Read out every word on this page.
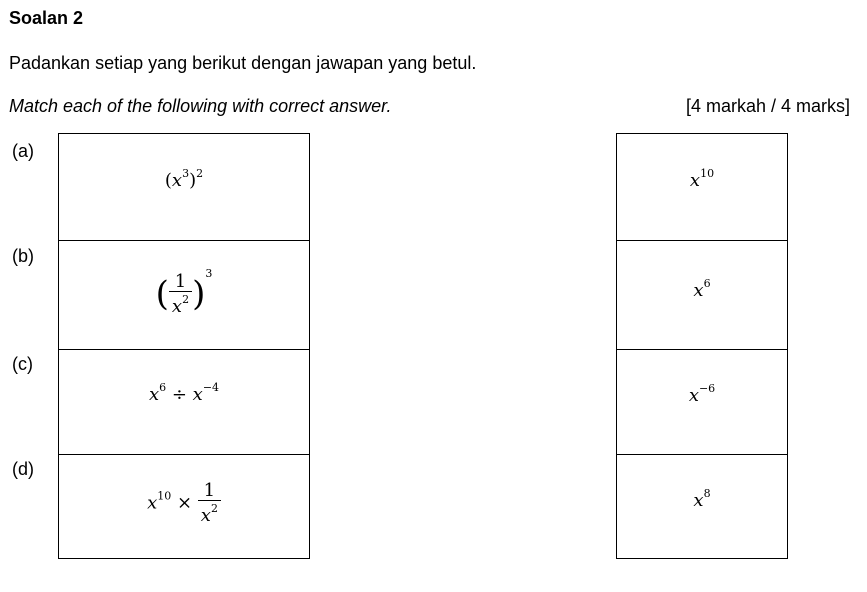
Soalan 2
Padankan setiap yang berikut dengan jawapan yang betul.
Match each of the following with correct answer.	[4 markah / 4 marks]
(a)
(b)
(c)
(d)
$(x^3)^2$
( $\frac{1}{x^2} )^3$
$x^6 \div x^{-4}$
$x^{10} \times \frac{1}{x^2}$
$x^{10}$
$x^6$
$x^{-6}$
$x^8$
